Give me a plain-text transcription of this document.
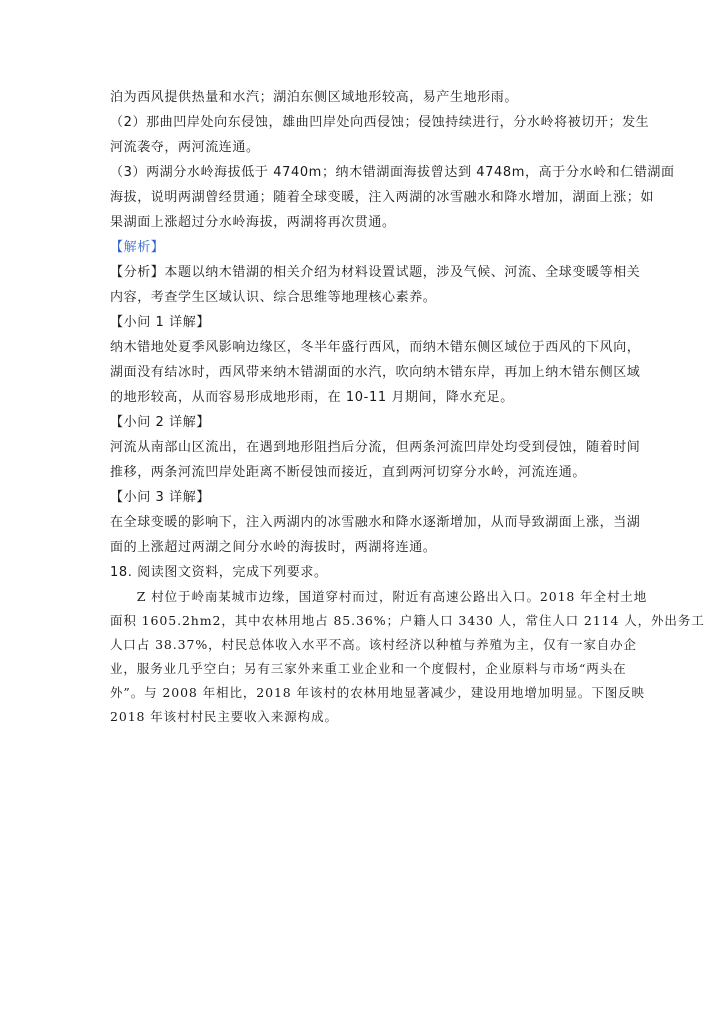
泊为西风提供热量和水汽；湖泊东侧区域地形较高，易产生地形雨。
（2）那曲凹岸处向东侵蚀，雄曲凹岸处向西侵蚀；侵蚀持续进行，分水岭将被切开；发生
河流袭夺，两河流连通。
（3）两湖分水岭海拔低于 4740m；纳木错湖面海拔曾达到 4748m，高于分水岭和仁错湖面
海拔，说明两湖曾经贯通；随着全球变暖，注入两湖的冰雪融水和降水增加，湖面上涨；如
果湖面上涨超过分水岭海拔，两湖将再次贯通。
【解析】
【分析】本题以纳木错湖的相关介绍为材料设置试题，涉及气候、河流、全球变暖等相关
内容，考查学生区域认识、综合思维等地理核心素养。
【小问 1 详解】
纳木错地处夏季风影响边缘区，冬半年盛行西风，而纳木错东侧区域位于西风的下风向，
湖面没有结冰时，西风带来纳木错湖面的水汽，吹向纳木错东岸，再加上纳木错东侧区域
的地形较高，从而容易形成地形雨，在 10-11 月期间，降水充足。
【小问 2 详解】
河流从南部山区流出，在遇到地形阻挡后分流，但两条河流凹岸处均受到侵蚀，随着时间
推移，两条河流凹岸处距离不断侵蚀而接近，直到两河切穿分水岭，河流连通。
【小问 3 详解】
在全球变暖的影响下，注入两湖内的冰雪融水和降水逐渐增加，从而导致湖面上涨，当湖
面的上涨超过两湖之间分水岭的海拔时，两湖将连通。
18. 阅读图文资料，完成下列要求。
　　Z 村位于岭南某城市边缘，国道穿村而过，附近有高速公路出入口。2018 年全村土地
面积 1605.2hm2，其中农林用地占 85.36%；户籍人口 3430 人，常住人口 2114 人，外出务工
人口占 38.37%，村民总体收入水平不高。该村经济以种植与养殖为主，仅有一家自办企
业，服务业几乎空白；另有三家外来重工业企业和一个度假村，企业原料与市场“两头在
外”。与 2008 年相比，2018 年该村的农林用地显著减少，建设用地增加明显。下图反映
2018 年该村村民主要收入来源构成。
